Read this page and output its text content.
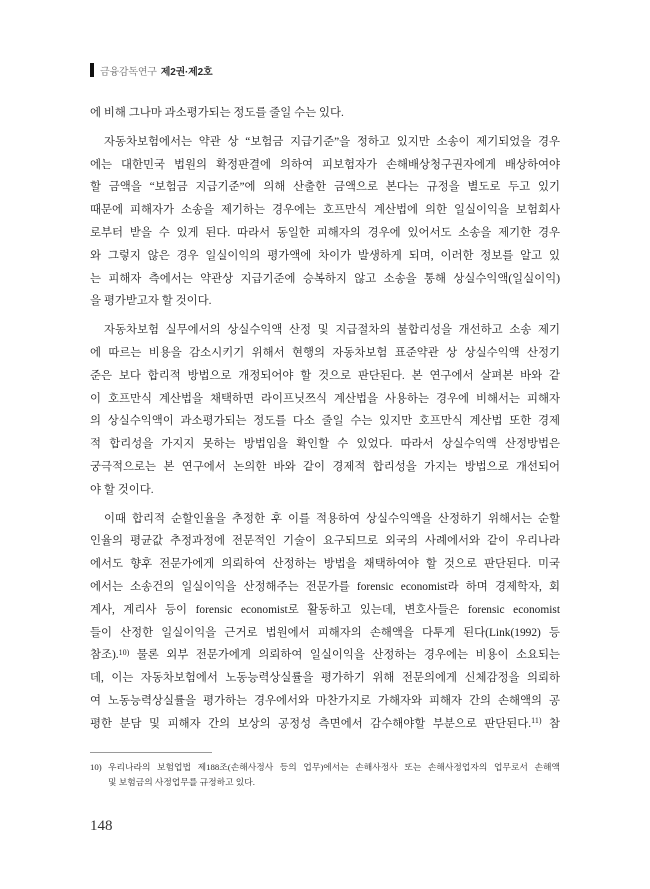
금융감독연구 제2권·제2호
에 비해 그나마 과소평가되는 정도를 줄일 수는 있다.
자동차보험에서는 약관 상 “보험금 지급기준”을 정하고 있지만 소송이 제기되었을 경우
에는 대한민국 법원의 확정판결에 의하여 피보험자가 손해배상청구권자에게 배상하여야
할 금액을 “보험금 지급기준”에 의해 산출한 금액으로 본다는 규정을 별도로 두고 있기
때문에 피해자가 소송을 제기하는 경우에는 호프만식 계산법에 의한 일실이익을 보험회사
로부터 받을 수 있게 된다. 따라서 동일한 피해자의 경우에 있어서도 소송을 제기한 경우
와 그렇지 않은 경우 일실이익의 평가액에 차이가 발생하게 되며, 이러한 정보를 알고 있
는 피해자 측에서는 약관상 지급기준에 승복하지 않고 소송을 통해 상실수익액(일실이익)
을 평가받고자 할 것이다.
자동차보험 실무에서의 상실수익액 산정 및 지급절차의 불합리성을 개선하고 소송 제기
에 따르는 비용을 감소시키기 위해서 현행의 자동차보험 표준약관 상 상실수익액 산정기
준은 보다 합리적 방법으로 개정되어야 할 것으로 판단된다. 본 연구에서 살펴본 바와 같
이 호프만식 계산법을 채택하면 라이프닛쯔식 계산법을 사용하는 경우에 비해서는 피해자
의 상실수익액이 과소평가되는 정도를 다소 줄일 수는 있지만 호프만식 계산법 또한 경제
적 합리성을 가지지 못하는 방법임을 확인할 수 있었다. 따라서 상실수익액 산정방법은
궁극적으로는 본 연구에서 논의한 바와 같이 경제적 합리성을 가지는 방법으로 개선되어
야 할 것이다.
이때 합리적 순할인율을 추정한 후 이를 적용하여 상실수익액을 산정하기 위해서는 순할
인율의 평균값 추정과정에 전문적인 기술이 요구되므로 외국의 사례에서와 같이 우리나라
에서도 향후 전문가에게 의뢰하여 산정하는 방법을 채택하여야 할 것으로 판단된다. 미국
에서는 소송건의 일실이익을 산정해주는 전문가를 forensic economist라 하며 경제학자, 회
계사, 계리사 등이 forensic economist로 활동하고 있는데, 변호사들은 forensic economist
들이 산정한 일실이익을 근거로 법원에서 피해자의 손해액을 다투게 된다(Link(1992) 등
참조).$^{10)}$ 물론 외부 전문가에게 의뢰하여 일실이익을 산정하는 경우에는 비용이 소요되는
데, 이는 자동차보험에서 노동능력상실률을 평가하기 위해 전문의에게 신체감정을 의뢰하
여 노동능력상실률을 평가하는 경우에서와 마찬가지로 가해자와 피해자 간의 손해액의 공
평한 분담 및 피해자 간의 보상의 공정성 측면에서 감수해야할 부분으로 판단된다.$^{11)}$ 참
10) 우리나라의 보험업법 제188조(손해사정사 등의 업무)에서는 손해사정사 또는 손해사정업자의 업무로서 손해액
및 보험금의 사정업무를 규정하고 있다.
148
